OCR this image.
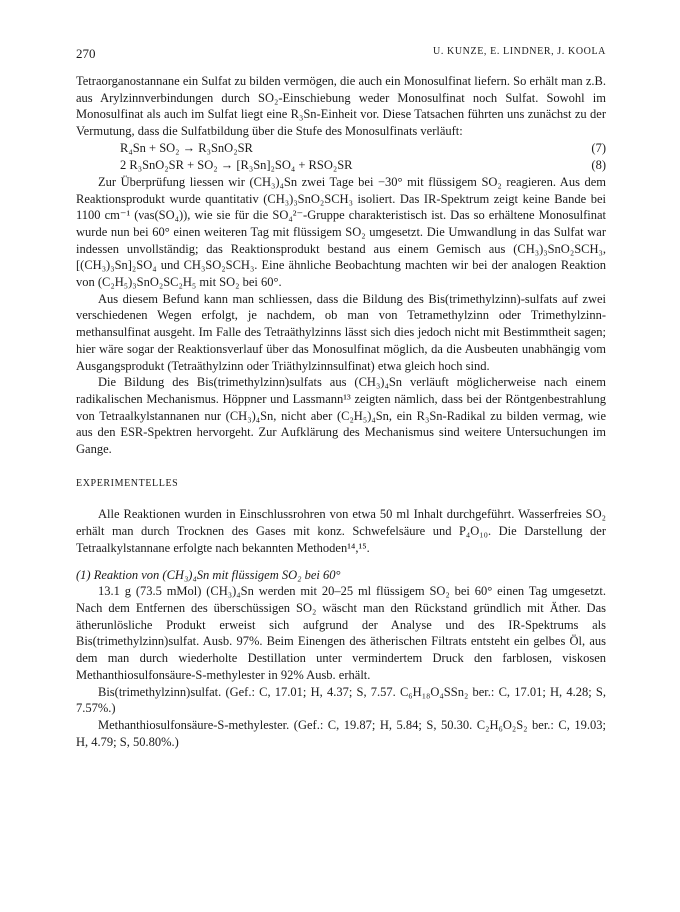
270	U. KUNZE, E. LINDNER, J. KOOLA

Tetraorganostannane ein Sulfat zu bilden vermögen, die auch ein Monosulfinat liefern. So erhält man z.B. aus Arylzinnverbindungen durch SO₂-Einschiebung weder Monosulfinat noch Sulfat. Sowohl im Monosulfinat als auch im Sulfat liegt eine R₃Sn-Einheit vor. Diese Tatsachen führten uns zunächst zu der Vermutung, dass die Sulfatbildung über die Stufe des Monosulfinats verläuft:

R₄Sn + SO₂ → R₃SnO₂SR	(7)
2 R₃SnO₂SR + SO₂ → [R₃Sn]₂SO₄ + RSO₂SR	(8)

Zur Überprüfung liessen wir (CH₃)₄Sn zwei Tage bei −30° mit flüssigem SO₂ reagieren. Aus dem Reaktionsprodukt wurde quantitativ (CH₃)₃SnO₂SCH₃ isoliert. Das IR-Spektrum zeigt keine Bande bei 1100 cm⁻¹ (νas(SO₄)), wie sie für die SO₄²⁻-Gruppe charakteristisch ist. Das so erhältene Monosulfinat wurde nun bei 60° einen weiteren Tag mit flüssigem SO₂ umgesetzt. Die Umwandlung in das Sulfat war indessen unvollständig; das Reaktionsprodukt bestand aus einem Gemisch aus (CH₃)₃SnO₂SCH₃, [(CH₃)₃Sn]₂SO₄ und CH₃SO₂SCH₃. Eine ähnliche Beobachtung machten wir bei der analogen Reaktion von (C₂H₅)₃SnO₂SC₂H₅ mit SO₂ bei 60°.

Aus diesem Befund kann man schliessen, dass die Bildung des Bis(trimethylzinn)-sulfats auf zwei verschiedenen Wegen erfolgt, je nachdem, ob man von Tetramethylzinn oder Trimethylzinn-methansulfinat ausgeht. Im Falle des Tetraäthylzinns lässt sich dies jedoch nicht mit Bestimmtheit sagen; hier wäre sogar der Reaktionsverlauf über das Monosulfinat möglich, da die Ausbeuten unabhängig vom Ausgangsprodukt (Tetraäthylzinn oder Triäthylzinnsulfinat) etwa gleich hoch sind.

Die Bildung des Bis(trimethylzinn)sulfats aus (CH₃)₄Sn verläuft möglicherweise nach einem radikalischen Mechanismus. Höppner und Lassmann¹³ zeigten nämlich, dass bei der Röntgenbestrahlung von Tetraalkylstannanen nur (CH₃)₄Sn, nicht aber (C₂H₅)₄Sn, ein R₃Sn-Radikal zu bilden vermag, wie aus den ESR-Spektren hervorgeht. Zur Aufklärung des Mechanismus sind weitere Untersuchungen im Gange.

EXPERIMENTELLES

Alle Reaktionen wurden in Einschlussrohren von etwa 50 ml Inhalt durchgeführt. Wasserfreies SO₂ erhält man durch Trocknen des Gases mit konz. Schwefelsäure und P₄O₁₀. Die Darstellung der Tetraalkylstannane erfolgte nach bekannten Methoden¹⁴,¹⁵.

(1) Reaktion von (CH₃)₄Sn mit flüssigem SO₂ bei 60°

13.1 g (73.5 mMol) (CH₃)₄Sn werden mit 20–25 ml flüssigem SO₂ bei 60° einen Tag umgesetzt. Nach dem Entfernen des überschüssigen SO₂ wäscht man den Rückstand gründlich mit Äther. Das ätherunlösliche Produkt erweist sich aufgrund der Analyse und des IR-Spektrums als Bis(trimethylzinn)sulfat. Ausb. 97%. Beim Einengen des ätherischen Filtrats entsteht ein gelbes Öl, aus dem man durch wiederholte Destillation unter vermindertem Druck den farblosen, viskosen Methanthiosulfonsäure-S-methylester in 92% Ausb. erhält.

Bis(trimethylzinn)sulfat. (Gef.: C, 17.01; H, 4.37; S, 7.57. C₆H₁₈O₄SSn₂ ber.: C, 17.01; H, 4.28; S, 7.57%.)

Methanthiosulfonsäure-S-methylester. (Gef.: C, 19.87; H, 5.84; S, 50.30. C₂H₆O₂S₂ ber.: C, 19.03; H, 4.79; S, 50.80%.)
